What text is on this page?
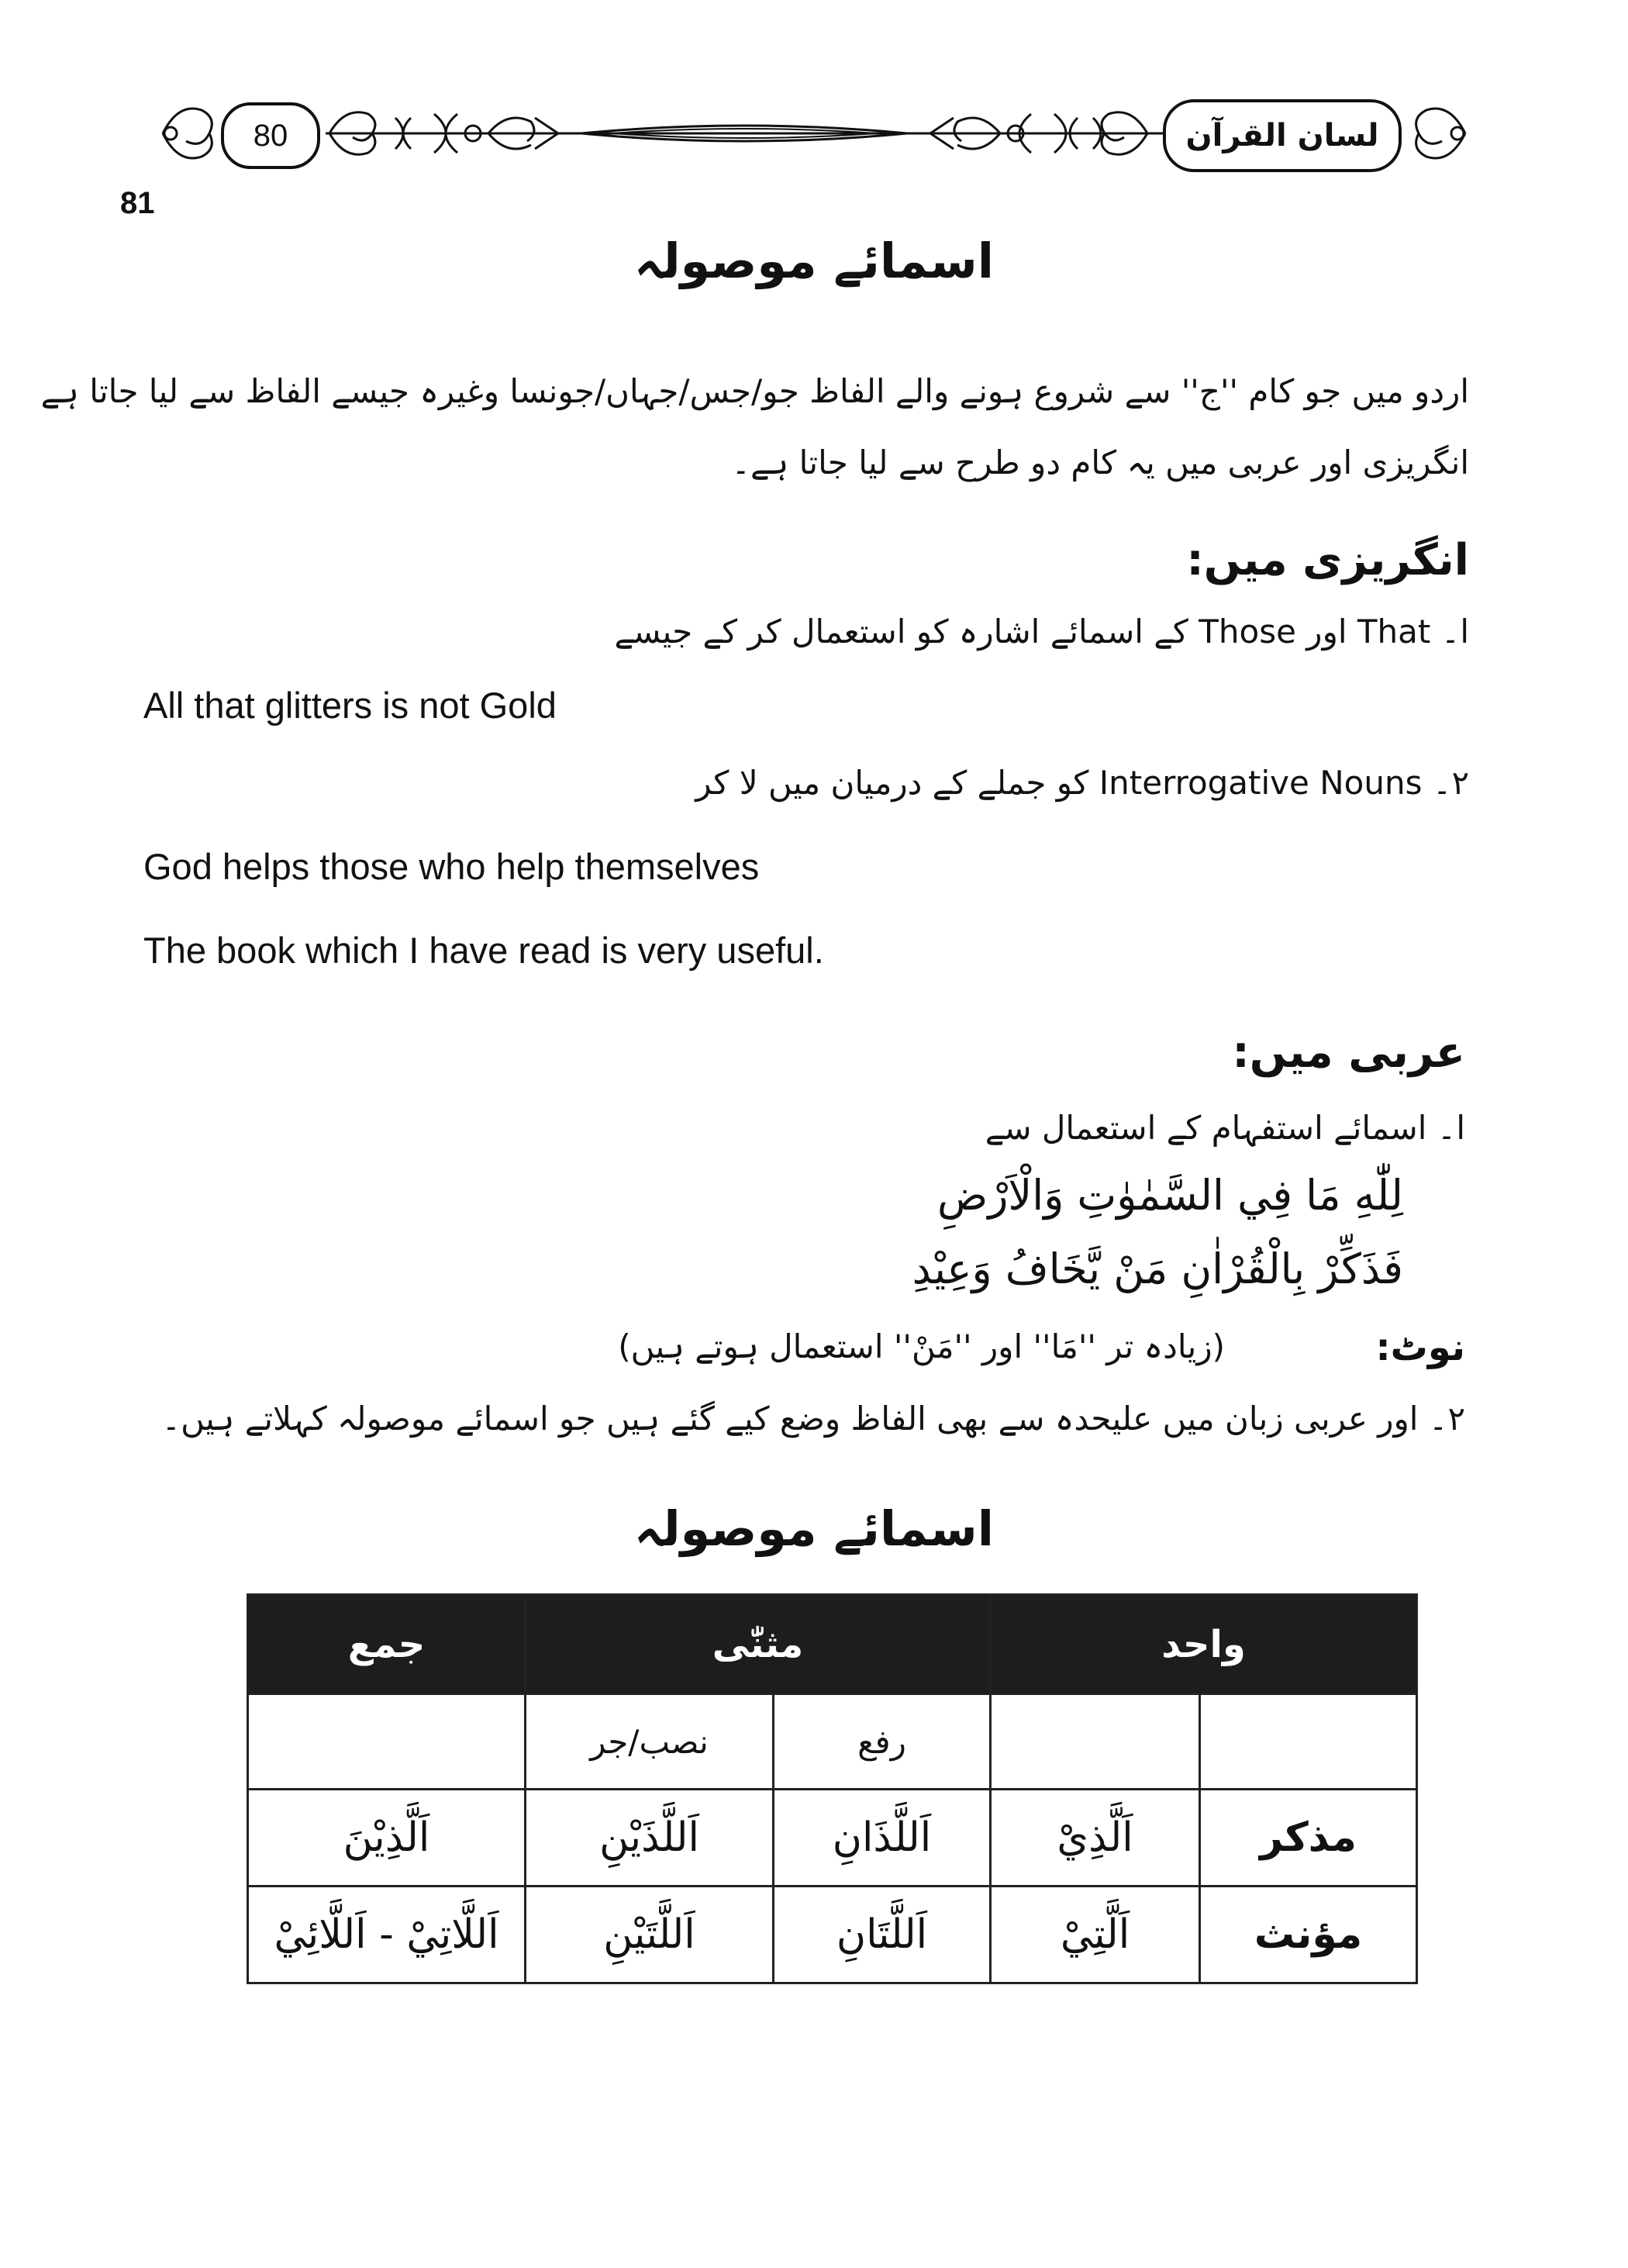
80	لسان القرآن
81
اسمائے موصولہ
اردو میں جو کام ''ج'' سے شروع ہونے والے الفاظ جو/جس/جہاں/جونسا وغیرہ جیسے الفاظ سے لیا جاتا ہے
انگریزی اور عربی میں یہ کام دو طرح سے لیا جاتا ہے۔
انگریزی میں:
ا۔ That اور Those کے اسمائے اشارہ کو استعمال کر کے جیسے
All that glitters is not Gold
۲۔ Interrogative Nouns کو جملے کے درمیان میں لا کر
God helps those who help themselves
The book which I have read is very useful.
عربی میں:
ا۔ اسمائے استفہام کے استعمال سے
لِلّٰهِ مَا فِي السَّمٰوٰتِ وَالْاَرْضِ
فَذَكِّرْ بِالْقُرْاٰنِ مَنْ يَّخَافُ وَعِيْدِ
نوٹ:
(زیادہ تر ''مَا'' اور ''مَنْ'' استعمال ہوتے ہیں)
۲۔ اور عربی زبان میں علیحدہ سے بھی الفاظ وضع کیے گئے ہیں جو اسمائے موصولہ کہلاتے ہیں۔
اسمائے موصولہ
واحد		مثنّٰی		جمع
		رفع	نصب/جر	
مذکر	اَلَّذِيْ	اَللَّذَانِ	اَللَّذَيْنِ	اَلَّذِيْنَ
مؤنث	اَلَّتِيْ	اَللَّتَانِ	اَللَّتَيْنِ	اَللَّاتِيْ - اَللَّائِيْ
